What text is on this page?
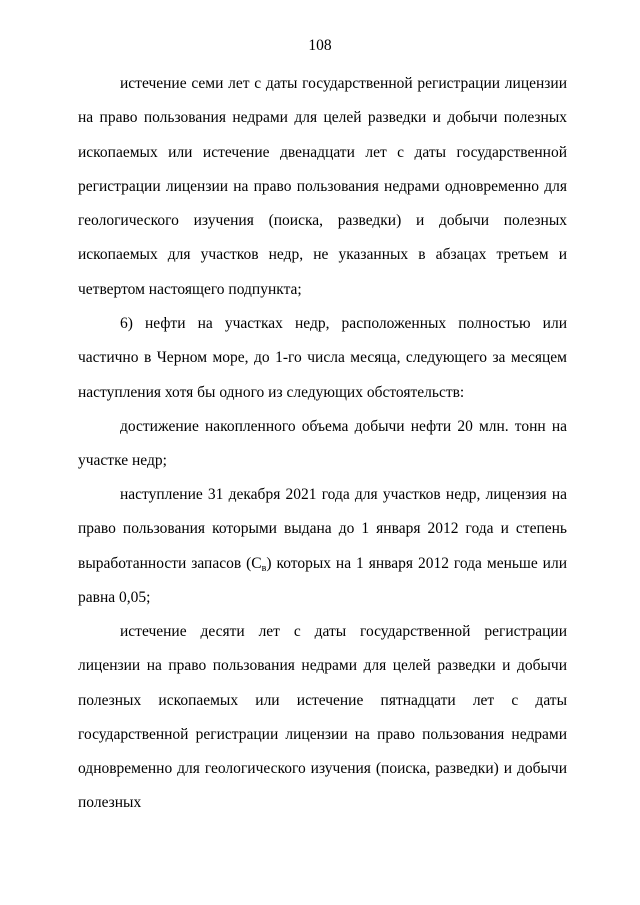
108

истечение семи лет с даты государственной регистрации лицензии на право пользования недрами для целей разведки и добычи полезных ископаемых или истечение двенадцати лет с даты государственной регистрации лицензии на право пользования недрами одновременно для геологического изучения (поиска, разведки) и добычи полезных ископаемых для участков недр, не указанных в абзацах третьем и четвертом настоящего подпункта;

6) нефти на участках недр, расположенных полностью или частично в Черном море, до 1-го числа месяца, следующего за месяцем наступления хотя бы одного из следующих обстоятельств:

достижение накопленного объема добычи нефти 20 млн. тонн на участке недр;

наступление 31 декабря 2021 года для участков недр, лицензия на право пользования которыми выдана до 1 января 2012 года и степень выработанности запасов (Св) которых на 1 января 2012 года меньше или равна 0,05;

истечение десяти лет с даты государственной регистрации лицензии на право пользования недрами для целей разведки и добычи полезных ископаемых или истечение пятнадцати лет с даты государственной регистрации лицензии на право пользования недрами одновременно для геологического изучения (поиска, разведки) и добычи полезных
